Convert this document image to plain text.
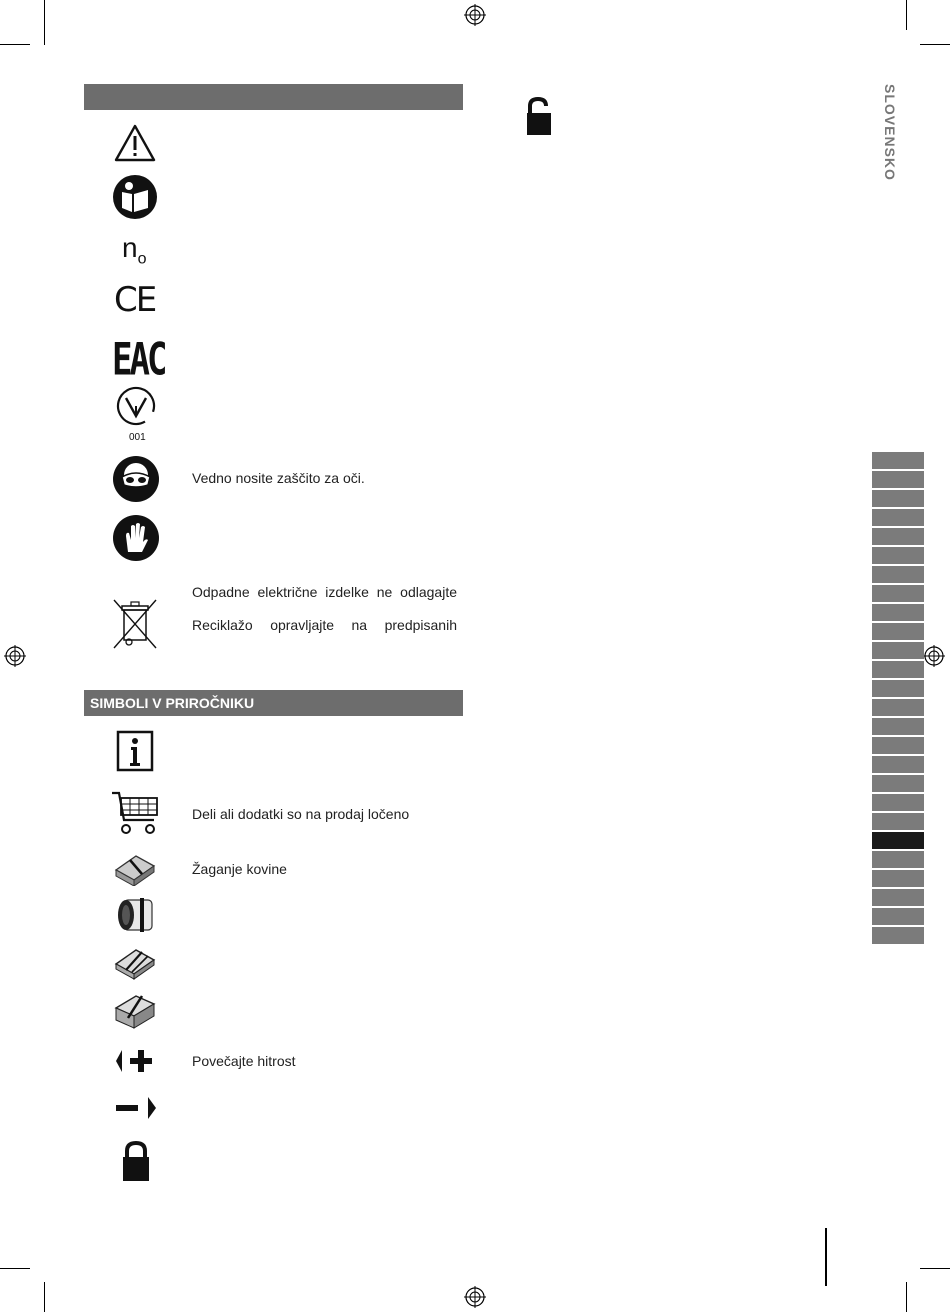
SLOVENSKO
$n_o$
CE
EAC
001
Vedno nosite zaščito za oči.
Odpadne električne izdelke ne odlagajte
Reciklažo opravljajte na predpisanih
SIMBOLI V PRIROČNIKU
Deli ali dodatki so na prodaj ločeno
Žaganje kovine
Povečajte hitrost
